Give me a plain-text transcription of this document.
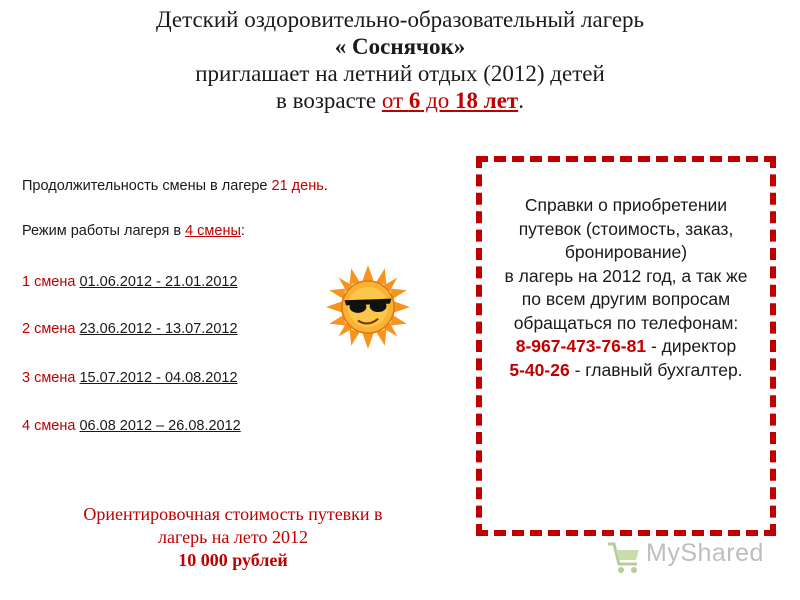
Детский оздоровительно-образовательный лагерь
« Соснячок»
приглашает на летний отдых (2012) детей
в возрасте от 6 до 18 лет.

Продолжительность смены в лагере 21 день.

Режим работы лагеря в 4 смены:

1 смена 01.06.2012 - 21.01.2012

2 смена 23.06.2012 - 13.07.2012

3 смена 15.07.2012 - 04.08.2012

4 смена 06.08 2012 – 26.08.2012

Ориентировочная стоимость путевки в
лагерь на лето 2012
10 000 рублей
Справки о приобретении
путевок (стоимость, заказ,
бронирование)
в лагерь на 2012 год, а так же
по всем другим вопросам
обращаться по телефонам:
8-967-473-76-81 - директор
5-40-26 - главный бухгалтер.
MyShared
